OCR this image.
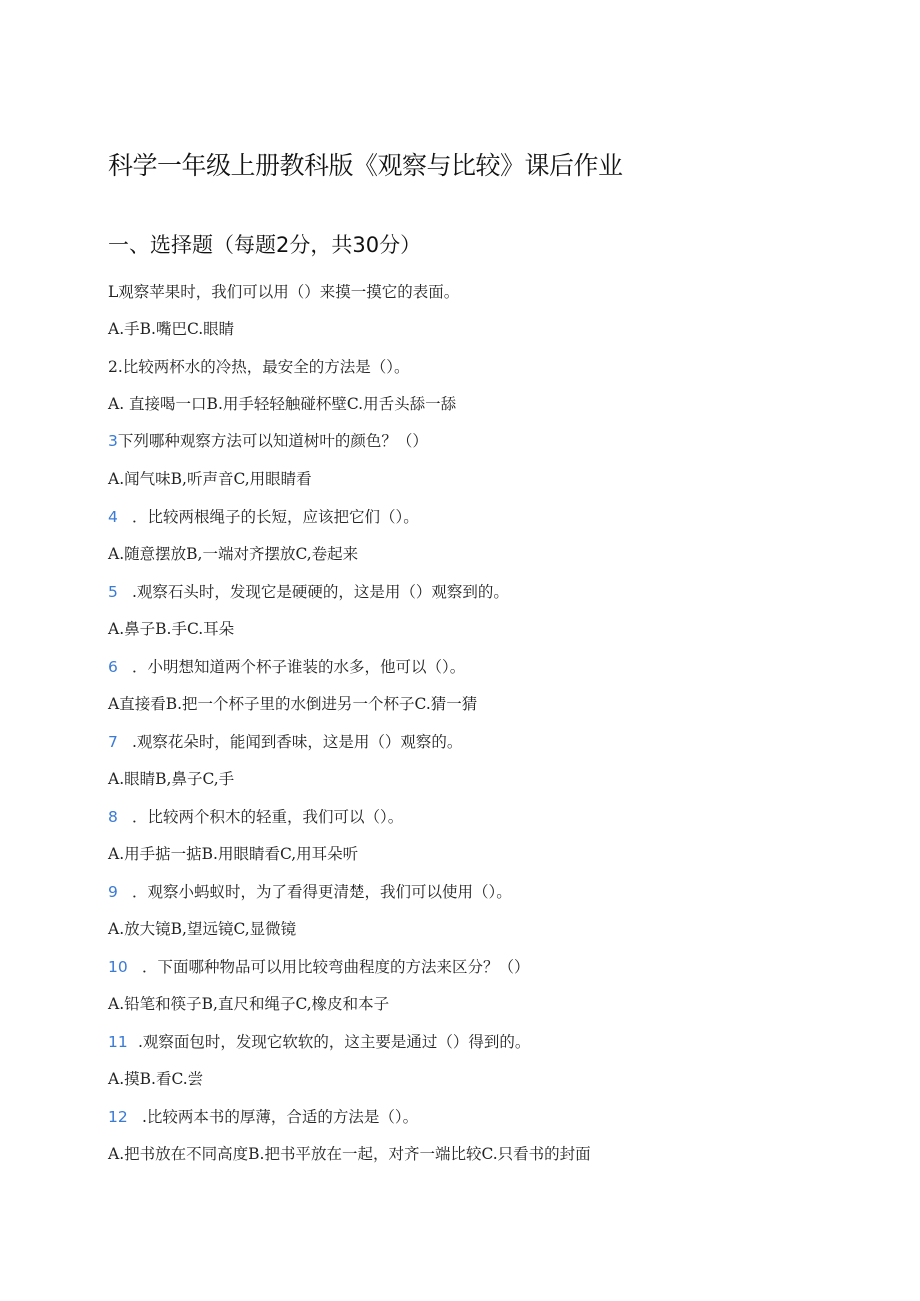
科学一年级上册教科版《观察与比较》课后作业
一、选择题（每题2分，共30分）
L观察苹果时，我们可以用（）来摸一摸它的表面。
A.手B.嘴巴C.眼睛
2.比较两杯水的冷热，最安全的方法是（）。
A. 直接喝一口B.用手轻轻触碰杯壁C.用舌头舔一舔
3下列哪种观察方法可以知道树叶的颜色？（）
A.闻气味B,听声音C,用眼睛看
4 ．比较两根绳子的长短，应该把它们（）。
A.随意摆放B,一端对齐摆放C,卷起来
5 .观察石头时，发现它是硬硬的，这是用（）观察到的。
A.鼻子B.手C.耳朵
6 ．小明想知道两个杯子谁装的水多，他可以（）。
A直接看B.把一个杯子里的水倒进另一个杯子C.猜一猜
7 .观察花朵时，能闻到香味，这是用（）观察的。
A.眼睛B,鼻子C,手
8 ．比较两个积木的轻重，我们可以（）。
A.用手掂一掂B.用眼睛看C,用耳朵听
9 ．观察小蚂蚁时，为了看得更清楚，我们可以使用（）。
A.放大镜B,望远镜C,显微镜
10 ．下面哪种物品可以用比较弯曲程度的方法来区分？（）
A.铅笔和筷子B,直尺和绳子C,橡皮和本子
11 .观察面包时，发现它软软的，这主要是通过（）得到的。
A.摸B.看C.尝
12 .比较两本书的厚薄，合适的方法是（）。
A.把书放在不同高度B.把书平放在一起，对齐一端比较C.只看书的封面
